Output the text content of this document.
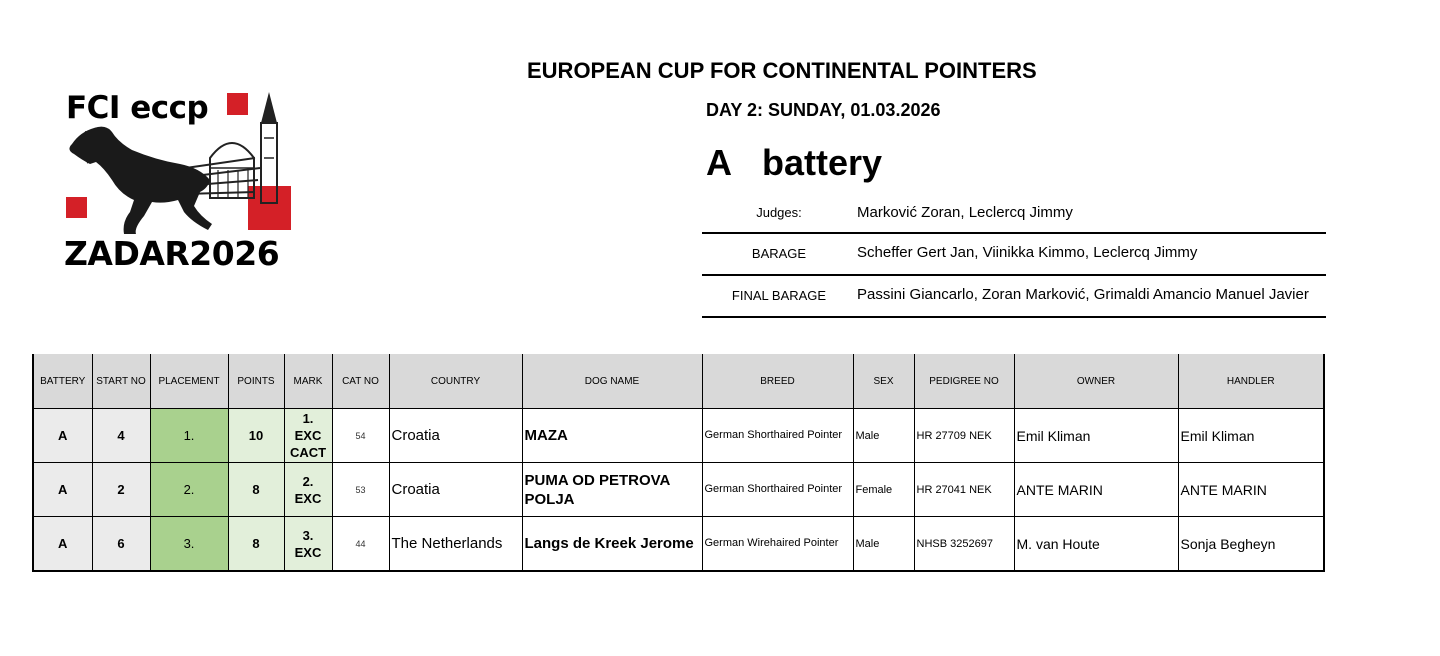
FCI eccp
ZADAR2026
EUROPEAN CUP FOR CONTINENTAL POINTERS
DAY 2: SUNDAY, 01.03.2026
A battery
Judges:	Marković Zoran, Leclercq Jimmy
BARAGE	Scheffer Gert Jan, Viinikka Kimmo, Leclercq Jimmy
FINAL BARAGE	Passini Giancarlo, Zoran Marković, Grimaldi Amancio Manuel Javier
BATTERY	START NO	PLACEMENT	POINTS	MARK	CAT NO	COUNTRY	DOG NAME	BREED	SEX	PEDIGREE NO	OWNER	HANDLER
A	4	1.	10	1.
EXC
CACT	54	Croatia	MAZA	German Shorthaired Pointer	Male	HR 27709 NEK	Emil Kliman	Emil Kliman
A	2	2.	8	2.
EXC	53	Croatia	PUMA OD PETROVA POLJA	German Shorthaired Pointer	Female	HR 27041 NEK	ANTE MARIN	ANTE MARIN
A	6	3.	8	3.
EXC	44	The Netherlands	Langs de Kreek Jerome	German Wirehaired Pointer	Male	NHSB 3252697	M. van Houte	Sonja Begheyn
